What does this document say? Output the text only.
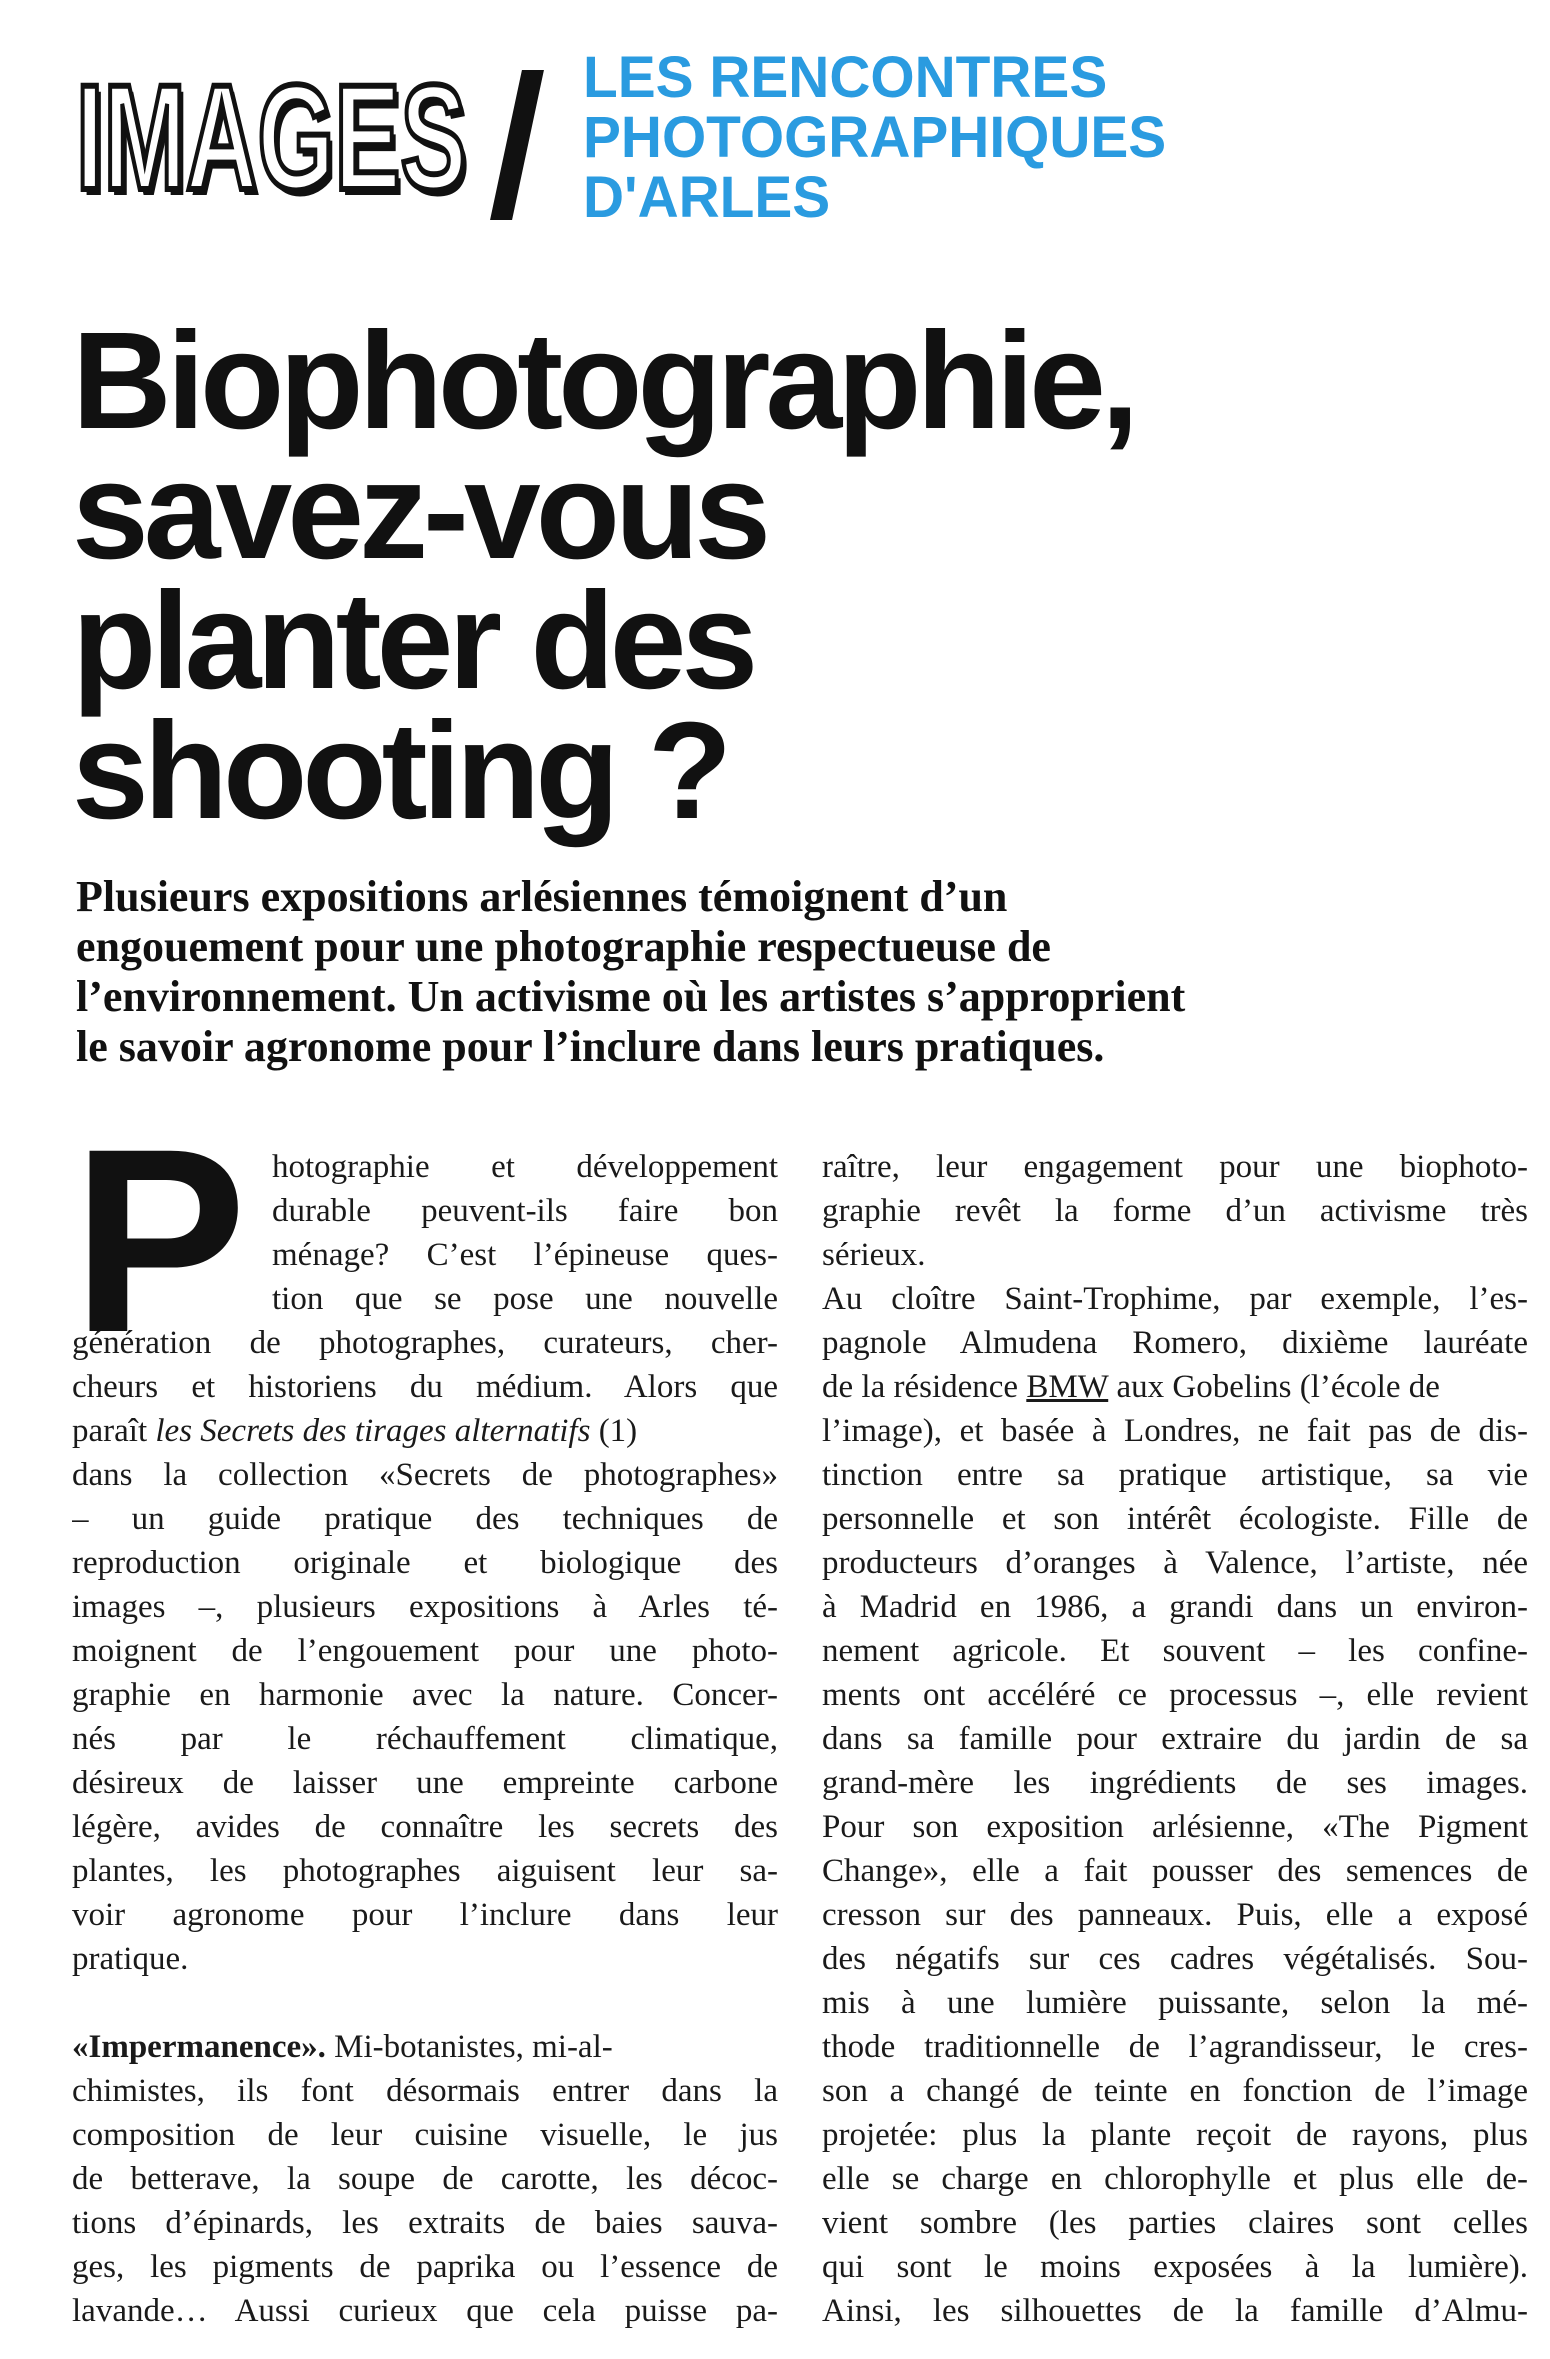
IMAGES LES RENCONTRES
PHOTOGRAPHIQUES
D'ARLES
Biophotographie,
savez-vous
planter des
shooting ?

Plusieurs expositions arlésiennes témoignent d’un
engouement pour une photographie respectueuse de
l’environnement. Un activisme où les artistes s’approprient
le savoir agronome pour l’inclure dans leurs pratiques.

P hotographie et développement
durable peuvent-ils faire bon
ménage? C’est l’épineuse ques-
tion que se pose une nouvelle
génération de photographes, curateurs, cher-
cheurs et historiens du médium. Alors que
paraît les Secrets des tirages alternatifs (1)
dans la collection «Secrets de photographes»
– un guide pratique des techniques de
reproduction originale et biologique des
images –, plusieurs expositions à Arles té-
moignent de l’engouement pour une photo-
graphie en harmonie avec la nature. Concer-
nés par le réchauffement climatique,
désireux de laisser une empreinte carbone
légère, avides de connaître les secrets des
plantes, les photographes aiguisent leur sa-
voir agronome pour l’inclure dans leur
pratique.
«Impermanence». Mi-botanistes, mi-al-
chimistes, ils font désormais entrer dans la
composition de leur cuisine visuelle, le jus
de betterave, la soupe de carotte, les décoc-
tions d’épinards, les extraits de baies sauva-
ges, les pigments de paprika ou l’essence de
lavande… Aussi curieux que cela puisse pa-
raître, leur engagement pour une biophoto-
graphie revêt la forme d’un activisme très
sérieux.
Au cloître Saint-Trophime, par exemple, l’es-
pagnole Almudena Romero, dixième lauréate
de la résidence BMW aux Gobelins (l’école de
l’image), et basée à Londres, ne fait pas de dis-
tinction entre sa pratique artistique, sa vie
personnelle et son intérêt écologiste. Fille de
producteurs d’oranges à Valence, l’artiste, née
à Madrid en 1986, a grandi dans un environ-
nement agricole. Et souvent – les confine-
ments ont accéléré ce processus –, elle revient
dans sa famille pour extraire du jardin de sa
grand-mère les ingrédients de ses images.
Pour son exposition arlésienne, «The Pigment
Change», elle a fait pousser des semences de
cresson sur des panneaux. Puis, elle a exposé
des négatifs sur ces cadres végétalisés. Sou-
mis à une lumière puissante, selon la mé-
thode traditionnelle de l’agrandisseur, le cres-
son a changé de teinte en fonction de l’image
projetée: plus la plante reçoit de rayons, plus
elle se charge en chlorophylle et plus elle de-
vient sombre (les parties claires sont celles
qui sont le moins exposées à la lumière).
Ainsi, les silhouettes de la famille d’Almu-
